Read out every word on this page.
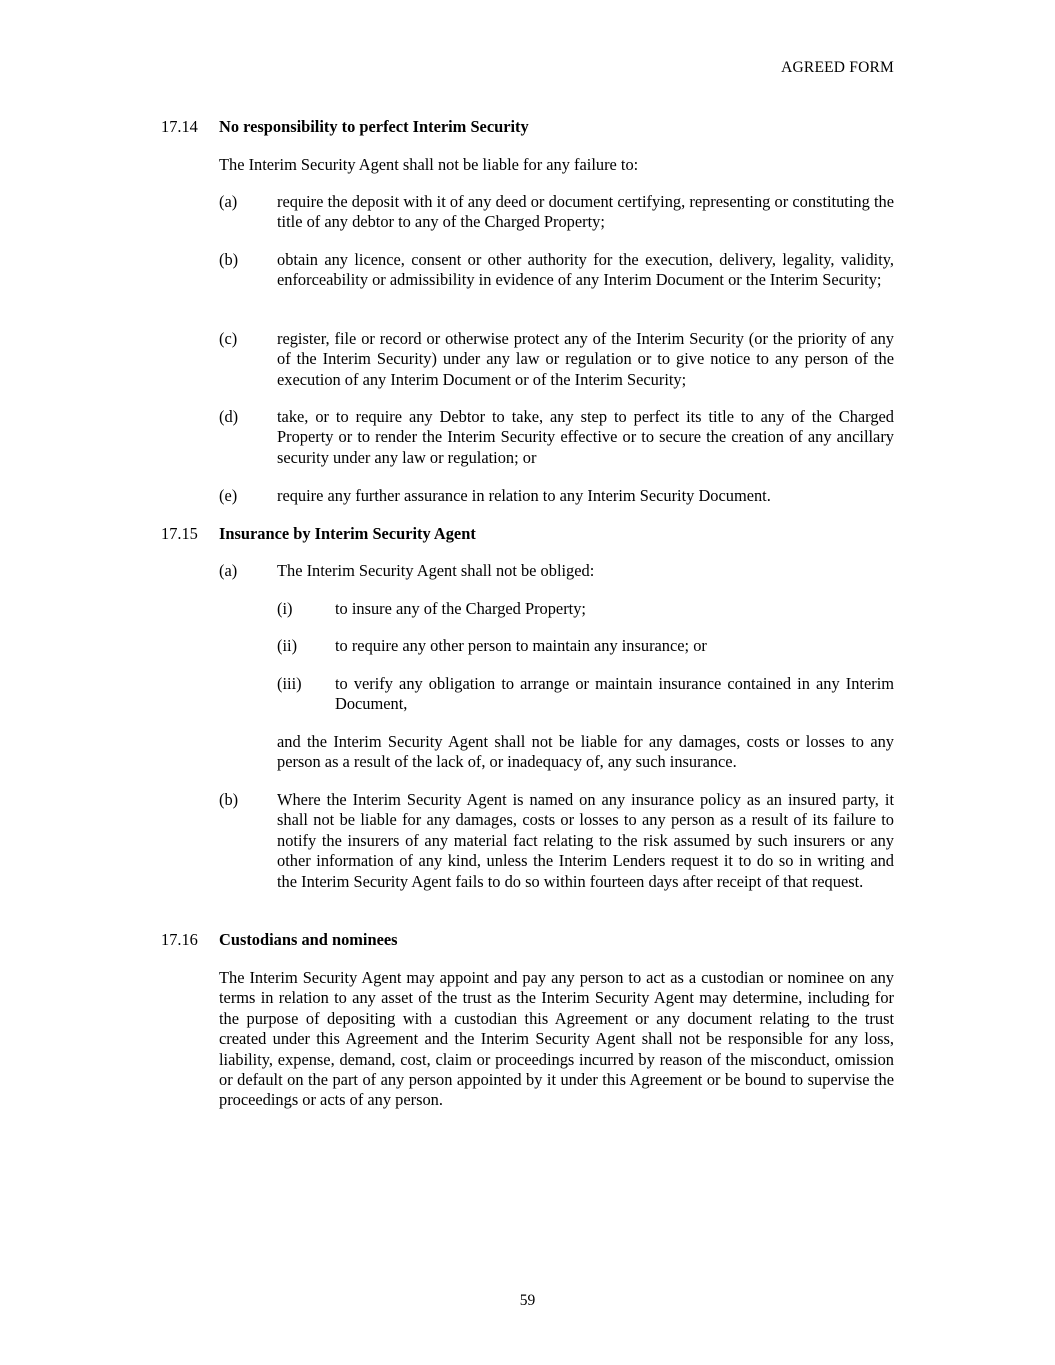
AGREED FORM
17.14 No responsibility to perfect Interim Security
The Interim Security Agent shall not be liable for any failure to:
(a) require the deposit with it of any deed or document certifying, representing or constituting the title of any debtor to any of the Charged Property;
(b) obtain any licence, consent or other authority for the execution, delivery, legality, validity, enforceability or admissibility in evidence of any Interim Document or the Interim Security;
(c) register, file or record or otherwise protect any of the Interim Security (or the priority of any of the Interim Security) under any law or regulation or to give notice to any person of the execution of any Interim Document or of the Interim Security;
(d) take, or to require any Debtor to take, any step to perfect its title to any of the Charged Property or to render the Interim Security effective or to secure the creation of any ancillary security under any law or regulation; or
(e) require any further assurance in relation to any Interim Security Document.
17.15 Insurance by Interim Security Agent
(a) The Interim Security Agent shall not be obliged:
(i)	to insure any of the Charged Property;
(ii) to require any other person to maintain any insurance; or
(iii) to verify any obligation to arrange or maintain insurance contained in any Interim Document,
and the Interim Security Agent shall not be liable for any damages, costs or losses to any person as a result of the lack of, or inadequacy of, any such insurance.
(b) Where the Interim Security Agent is named on any insurance policy as an insured party, it shall not be liable for any damages, costs or losses to any person as a result of its failure to notify the insurers of any material fact relating to the risk assumed by such insurers or any other information of any kind, unless the Interim Lenders request it to do so in writing and the Interim Security Agent fails to do so within fourteen days after receipt of that request.
17.16 Custodians and nominees
The Interim Security Agent may appoint and pay any person to act as a custodian or nominee on any terms in relation to any asset of the trust as the Interim Security Agent may determine, including for the purpose of depositing with a custodian this Agreement or any document relating to the trust created under this Agreement and the Interim Security Agent shall not be responsible for any loss, liability, expense, demand, cost, claim or proceedings incurred by reason of the misconduct, omission or default on the part of any person appointed by it under this Agreement or be bound to supervise the proceedings or acts of any person.
59
